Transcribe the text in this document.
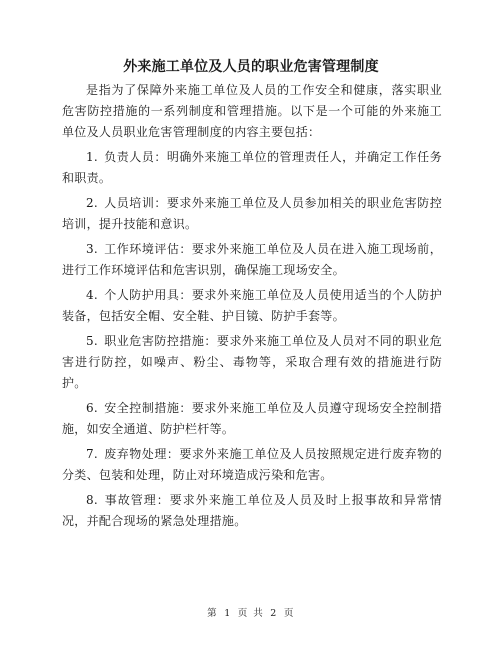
外来施工单位及人员的职业危害管理制度

是指为了保障外来施工单位及人员的工作安全和健康，落实职业危害防控措施的一系列制度和管理措施。以下是一个可能的外来施工单位及人员职业危害管理制度的内容主要包括：

1. 负责人员：明确外来施工单位的管理责任人，并确定工作任务和职责。

2. 人员培训：要求外来施工单位及人员参加相关的职业危害防控培训，提升技能和意识。

3. 工作环境评估：要求外来施工单位及人员在进入施工现场前，进行工作环境评估和危害识别，确保施工现场安全。

4. 个人防护用具：要求外来施工单位及人员使用适当的个人防护装备，包括安全帽、安全鞋、护目镜、防护手套等。

5. 职业危害防控措施：要求外来施工单位及人员对不同的职业危害进行防控，如噪声、粉尘、毒物等，采取合理有效的措施进行防护。

6. 安全控制措施：要求外来施工单位及人员遵守现场安全控制措施，如安全通道、防护栏杆等。

7. 废弃物处理：要求外来施工单位及人员按照规定进行废弃物的分类、包装和处理，防止对环境造成污染和危害。

8. 事故管理：要求外来施工单位及人员及时上报事故和异常情况，并配合现场的紧急处理措施。

第 1 页 共 2 页
